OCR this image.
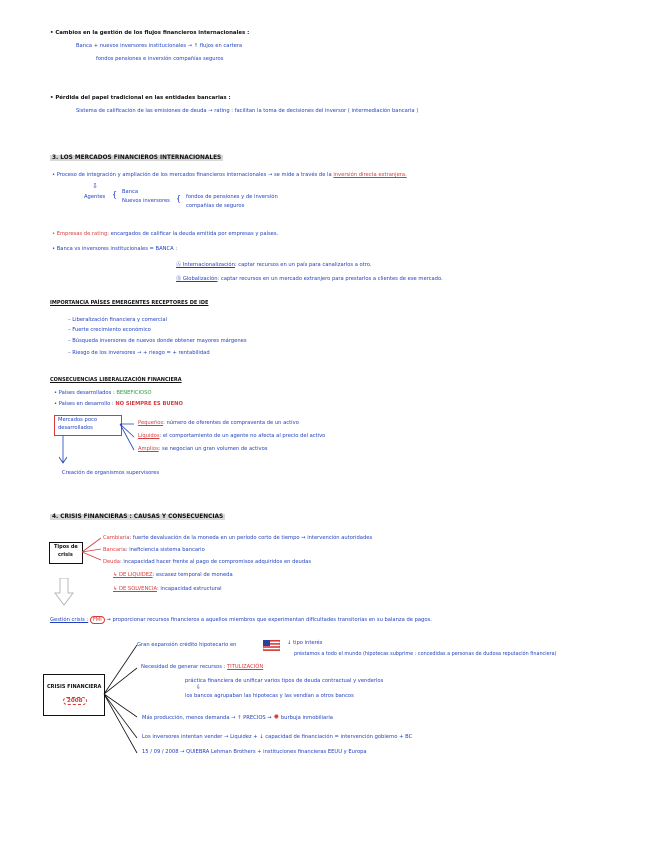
• Cambios en la gestión de los flujos financieros internacionales :
Banca + nuevos inversores institucionales → ↑ flujos en cartera
fondos pensiones e inversión compañías seguros
• Pérdida del papel tradicional en las entidades bancarias :
Sistema de calificación de las emisiones de deuda → rating : facilitan la toma de decisiones del inversor ( intermediación bancaria )
3. LOS MERCADOS FINANCIEROS INTERNACIONALES
• Proceso de integración y ampliación de los mercados financieros internacionales → se mide a través de la inversión directa extranjera.
⇩
Agentes { Banca
Nuevos inversores { fondos de pensiones y de inversión
compañías de seguros
• Empresas de rating: encargados de calificar la deuda emitida por empresas y países.
• Banca vs inversores institucionales = BANCA :
Ⓐ Internacionalización: captar recursos en un país para canalizarlos a otro.
Ⓑ Globalización: captar recursos en un mercado extranjero para prestarlos a clientes de ese mercado.
IMPORTANCIA PAÍSES EMERGENTES RECEPTORES DE IDE
– Liberalización financiera y comercial
– Fuerte crecimiento económico
– Búsqueda inversores de nuevos donde obtener mayores márgenes
– Riesgo de los inversores → + riesgo = + rentabilidad
CONSECUENCIAS LIBERALIZACIÓN FINANCIERA
• Países desarrollados : BENEFICIOSO
• Países en desarrollo : NO SIEMPRE ES BUENO
Mercados poco
desarrollados
Pequeños: número de oferentes de compraventa de un activo
Líquidos: el comportamiento de un agente no afecta al precio del activo
Amplios: se negocian un gran volumen de activos
Creación de organismos supervisores
4. CRISIS FINANCIERAS : CAUSAS Y CONSECUENCIAS
Tipos de
crisis
Cambiaria: fuerte devaluación de la moneda en un período corto de tiempo ⇝ intervención autoridades
Bancaria: ineficiencia sistema bancario
Deuda: incapacidad hacer frente al pago de compromisos adquiridos en deudas
↳ DE LIQUIDEZ: escasez temporal de moneda
↳ DE SOLVENCIA: incapacidad estructural
Gestión crisis : FMI ⇝ proporcionar recursos financieros a aquellos miembros que experimentan dificultades transitorias en su balanza de pagos.
CRISIS FINANCIERA
2008
Gran expansión crédito hipotecario en	↓ tipo interés
préstamos a todo el mundo (hipotecas subprime : concedidas a personas de dudosa reputación financiera)
Necesidad de generar recursos : TITULIZACIÓN
práctica financiera de unificar varios tipos de deuda contractual y venderlos
⇩
los bancos agrupaban las hipotecas y las vendían a otros bancos
Más producción, menos demanda → ↑ PRECIOS ⇝ ✹ burbuja inmobiliaria
Los inversores intentan vender → Liquidez + ↓ capacidad de financiación = intervención gobierno + BC
15 / 09 / 2008 → QUIEBRA Lehman Brothers + instituciones financieras EEUU y Europa
